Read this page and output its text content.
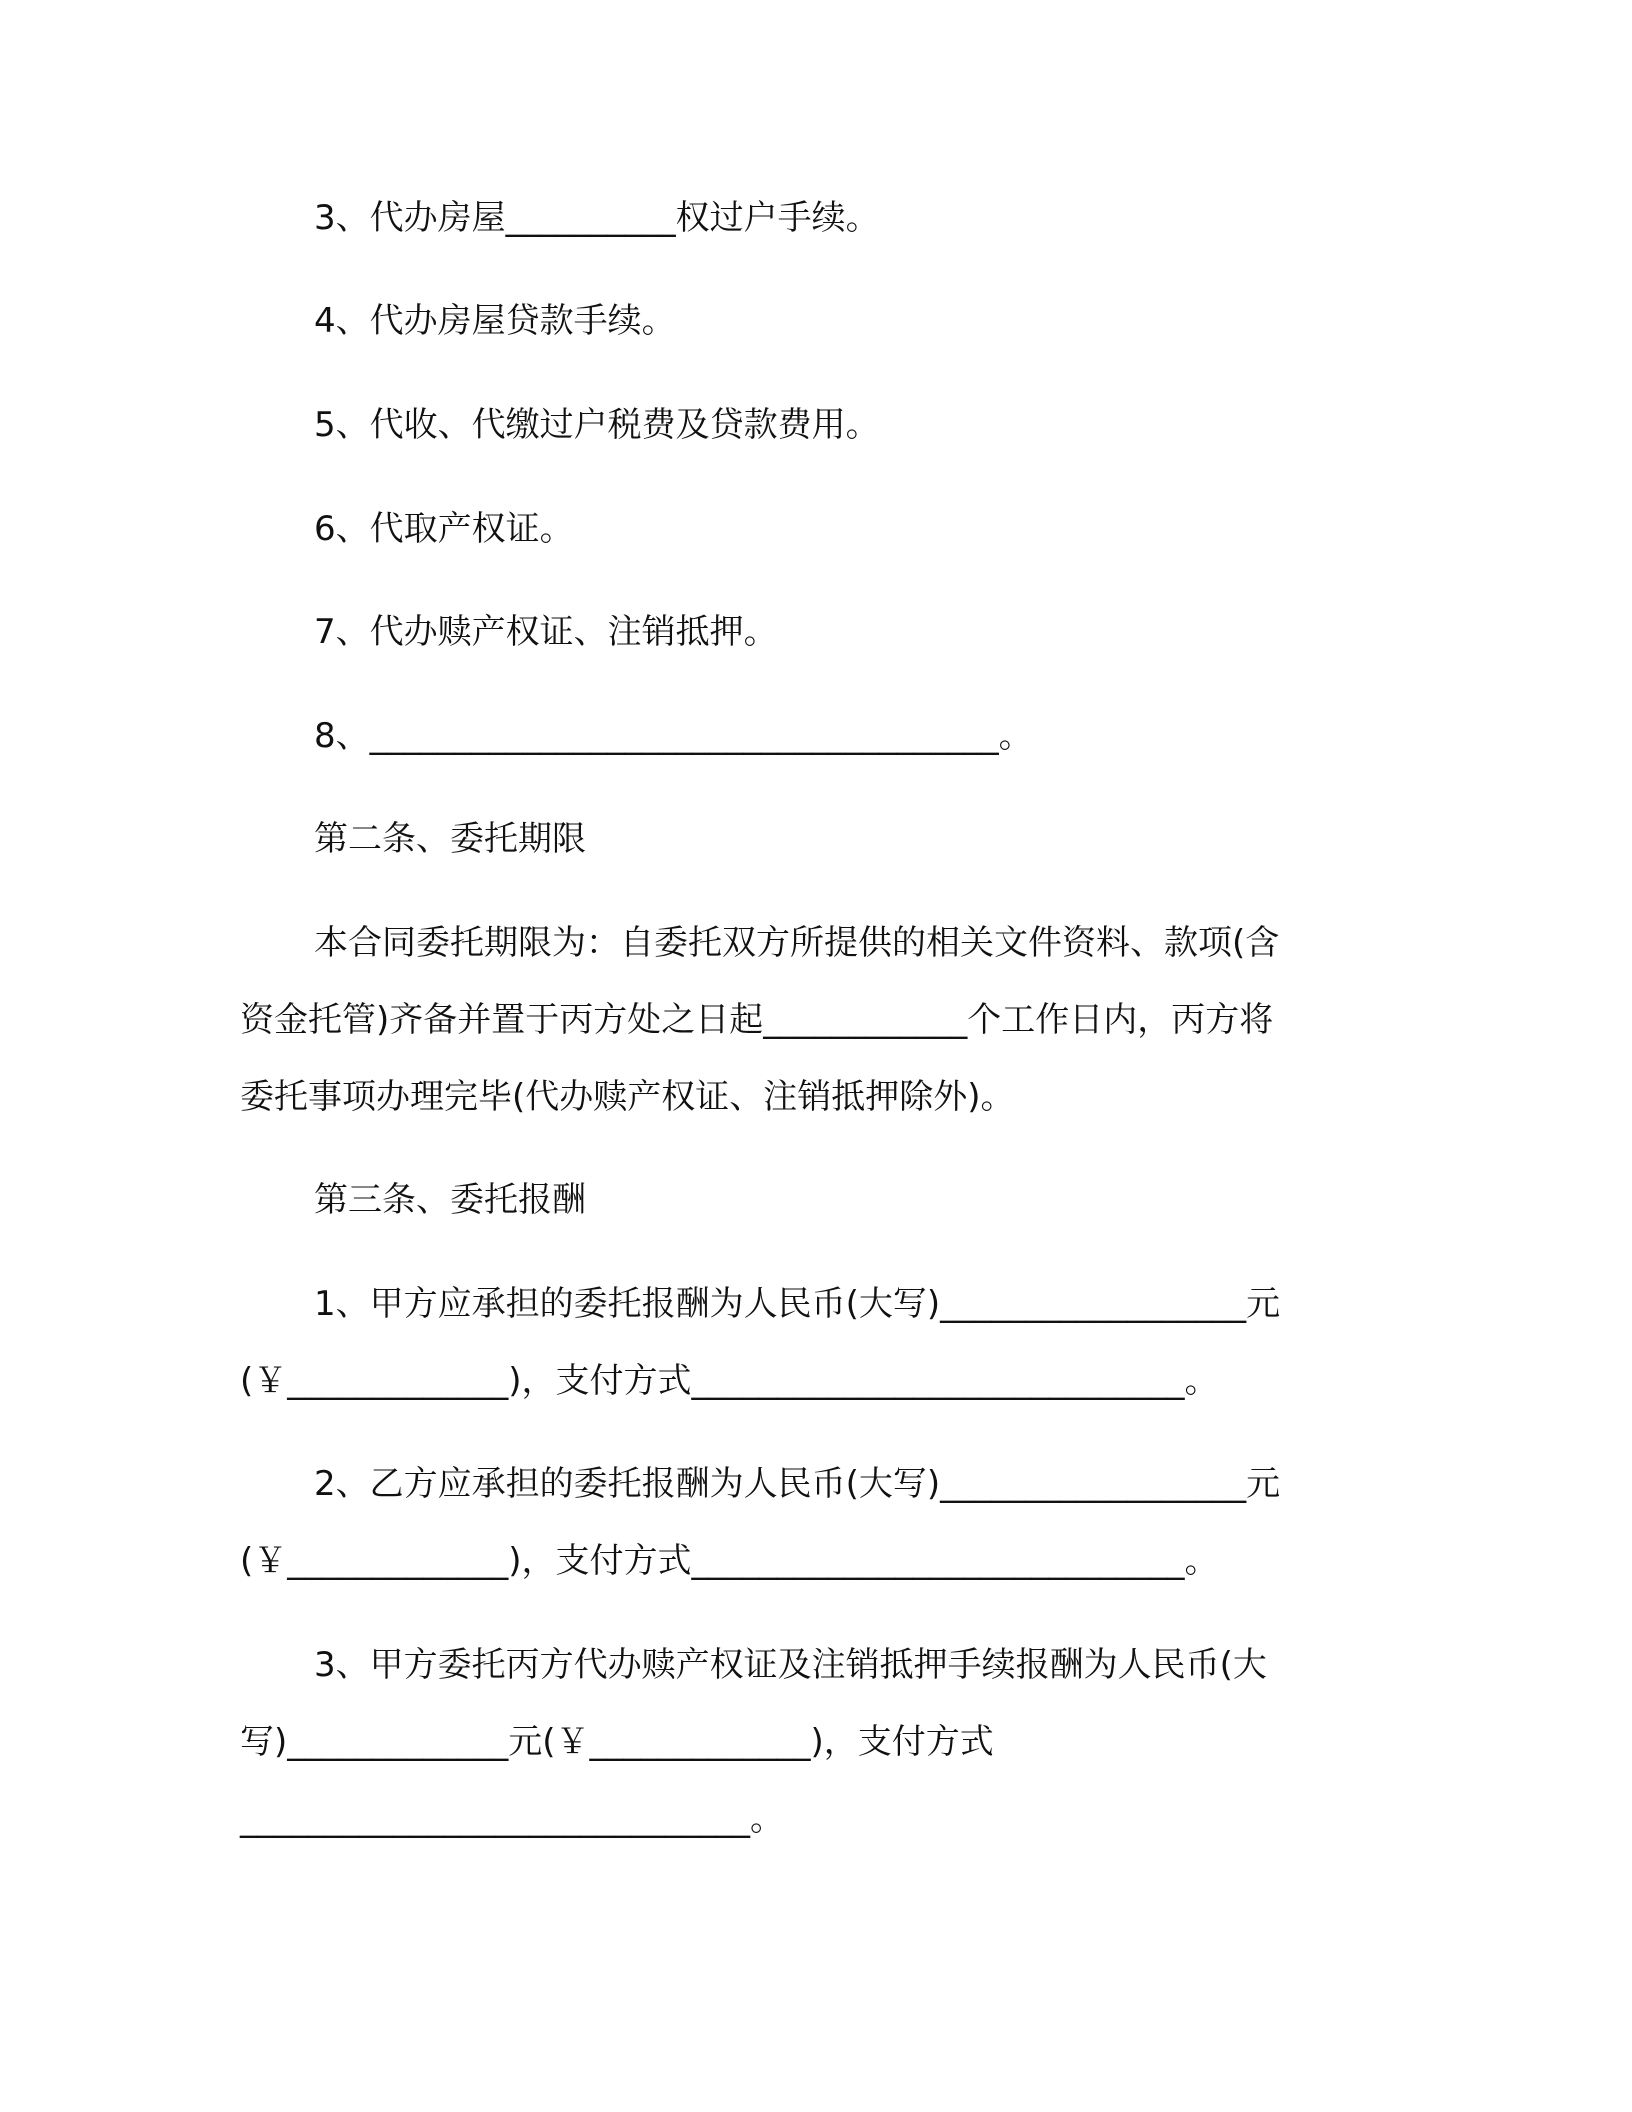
3、代办房屋__________权过户手续。
4、代办房屋贷款手续。
5、代收、代缴过户税费及贷款费用。
6、代取产权证。
7、代办赎产权证、注销抵押。
8、_____________________________________。
第二条、委托期限
本合同委托期限为：自委托双方所提供的相关文件资料、款项(含
资金托管)齐备并置于丙方处之日起____________个工作日内，丙方将
委托事项办理完毕(代办赎产权证、注销抵押除外)。
第三条、委托报酬
1、甲方应承担的委托报酬为人民币(大写)__________________元
(￥_____________)，支付方式_____________________________。
2、乙方应承担的委托报酬为人民币(大写)__________________元
(￥_____________)，支付方式_____________________________。
3、甲方委托丙方代办赎产权证及注销抵押手续报酬为人民币(大
写)_____________元(￥_____________)，支付方式
______________________________。
